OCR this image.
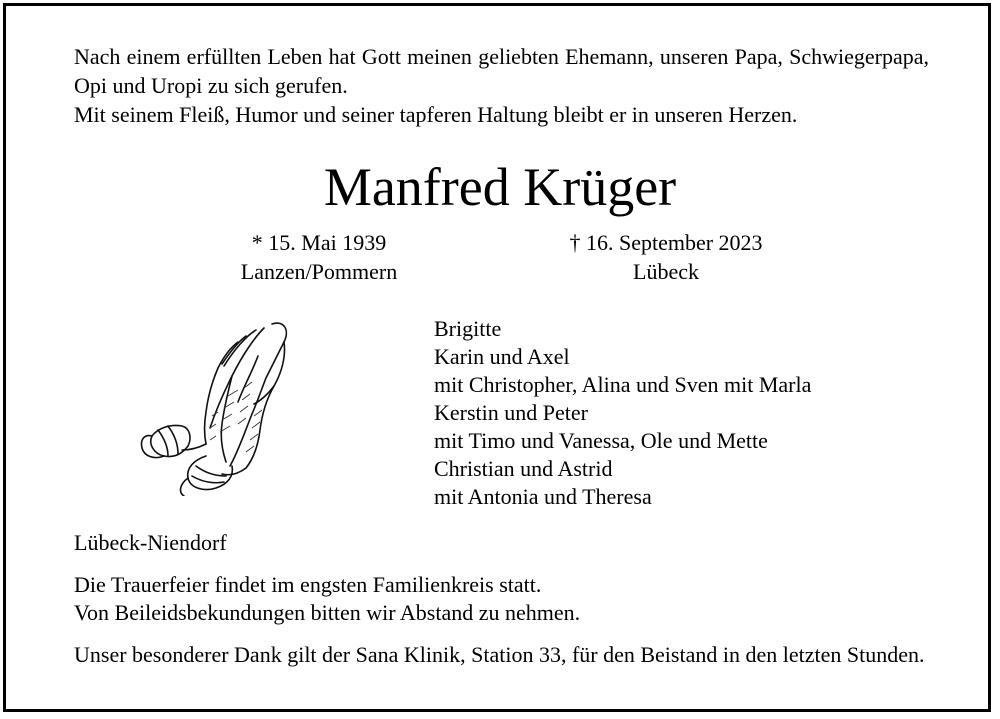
Nach einem erfüllten Leben hat Gott meinen geliebten Ehemann, unseren Papa, Schwiegerpapa, Opi und Uropi zu sich gerufen.

Mit seinem Fleiß, Humor und seiner tapferen Haltung bleibt er in unseren Herzen.

Manfred Krüger
* 15. Mai 1939
Lanzen/Pommern
† 16. September 2023
Lübeck
Brigitte
Karin und Axel
mit Christopher, Alina und Sven mit Marla
Kerstin und Peter
mit Timo und Vanessa, Ole und Mette
Christian und Astrid
mit Antonia und Theresa
Lübeck-Niendorf
Die Trauerfeier findet im engsten Familienkreis statt.
Von Beileidsbekundungen bitten wir Abstand zu nehmen.
Unser besonderer Dank gilt der Sana Klinik, Station 33, für den Beistand in den letzten Stunden.
